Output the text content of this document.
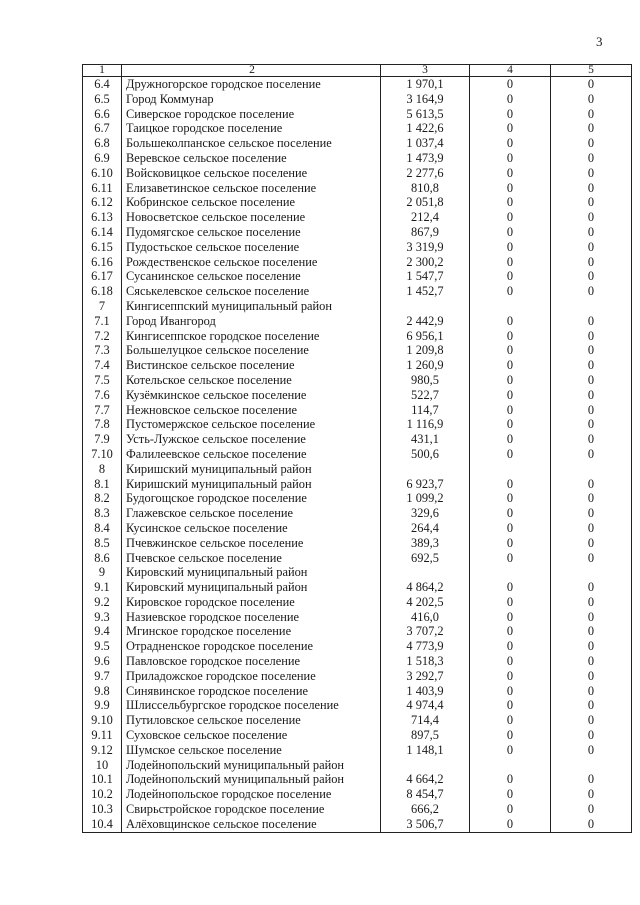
3
1	2	3	4	5
6.4	Дружногорское городское поселение	1 970,1	0	0
6.5	Город Коммунар	3 164,9	0	0
6.6	Сиверское городское поселение	5 613,5	0	0
6.7	Таицкое городское поселение	1 422,6	0	0
6.8	Большеколпанское сельское поселение	1 037,4	0	0
6.9	Веревское сельское поселение	1 473,9	0	0
6.10	Войсковицкое сельское поселение	2 277,6	0	0
6.11	Елизаветинское сельское поселение	810,8	0	0
6.12	Кобринское сельское поселение	2 051,8	0	0
6.13	Новосветское сельское поселение	212,4	0	0
6.14	Пудомягское сельское поселение	867,9	0	0
6.15	Пудостьское сельское поселение	3 319,9	0	0
6.16	Рождественское сельское поселение	2 300,2	0	0
6.17	Сусанинское сельское поселение	1 547,7	0	0
6.18	Сяськелевское сельское поселение	1 452,7	0	0
7	Кингисеппский муниципальный район			
7.1	Город Ивангород	2 442,9	0	0
7.2	Кингисеппское городское поселение	6 956,1	0	0
7.3	Большелуцкое сельское поселение	1 209,8	0	0
7.4	Вистинское сельское поселение	1 260,9	0	0
7.5	Котельское сельское поселение	980,5	0	0
7.6	Кузёмкинское сельское поселение	522,7	0	0
7.7	Нежновское сельское поселение	114,7	0	0
7.8	Пустомержское сельское поселение	1 116,9	0	0
7.9	Усть-Лужское сельское поселение	431,1	0	0
7.10	Фалилеевское сельское поселение	500,6	0	0
8	Киришский муниципальный район			
8.1	Киришский муниципальный район	6 923,7	0	0
8.2	Будогощское городское поселение	1 099,2	0	0
8.3	Глажевское сельское поселение	329,6	0	0
8.4	Кусинское сельское поселение	264,4	0	0
8.5	Пчевжинское сельское поселение	389,3	0	0
8.6	Пчевское сельское поселение	692,5	0	0
9	Кировский муниципальный район			
9.1	Кировский муниципальный район	4 864,2	0	0
9.2	Кировское городское поселение	4 202,5	0	0
9.3	Назиевское городское поселение	416,0	0	0
9.4	Мгинское городское поселение	3 707,2	0	0
9.5	Отрадненское городское поселение	4 773,9	0	0
9.6	Павловское городское поселение	1 518,3	0	0
9.7	Приладожское городское поселение	3 292,7	0	0
9.8	Синявинское городское поселение	1 403,9	0	0
9.9	Шлиссельбургское городское поселение	4 974,4	0	0
9.10	Путиловское сельское поселение	714,4	0	0
9.11	Суховское сельское поселение	897,5	0	0
9.12	Шумское сельское поселение	1 148,1	0	0
10	Лодейнопольский муниципальный район			
10.1	Лодейнопольский муниципальный район	4 664,2	0	0
10.2	Лодейнопольское городское поселение	8 454,7	0	0
10.3	Свирьстройское городское поселение	666,2	0	0
10.4	Алёховщинское сельское поселение	3 506,7	0	0
